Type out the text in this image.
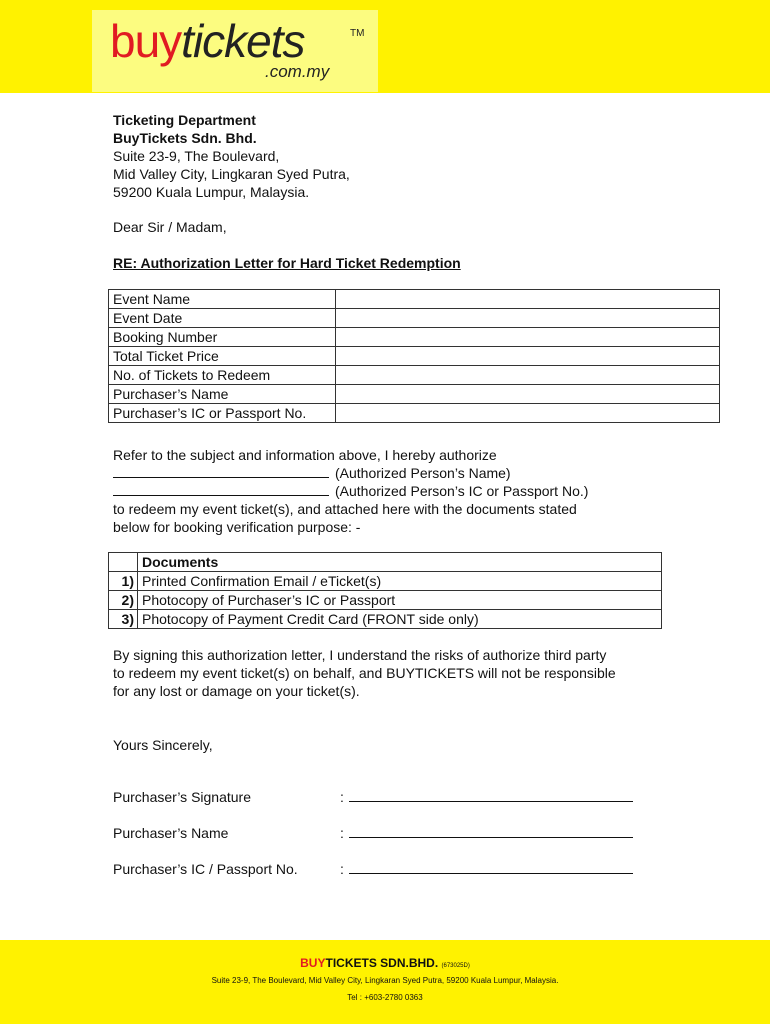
buytickets	TM
.com.my
Ticketing Department
BuyTickets Sdn. Bhd.
Suite 23-9, The Boulevard,
Mid Valley City, Lingkaran Syed Putra,
59200 Kuala Lumpur, Malaysia.
Dear Sir / Madam,
RE: Authorization Letter for Hard Ticket Redemption
Event Name	
Event Date	
Booking Number	
Total Ticket Price	
No. of Tickets to Redeem	
Purchaser’s Name	
Purchaser’s IC or Passport No.	
Refer to the subject and information above, I hereby authorize
(Authorized Person’s Name)
(Authorized Person’s IC or Passport No.)
to redeem my event ticket(s), and attached here with the documents stated
below for booking verification purpose: -
	Documents
1)	Printed Confirmation Email / eTicket(s)
2)	Photocopy of Purchaser’s IC or Passport
3)	Photocopy of Payment Credit Card (FRONT side only)
By signing this authorization letter, I understand the risks of authorize third party
to redeem my event ticket(s) on behalf, and BUYTICKETS will not be responsible
for any lost or damage on your ticket(s).
Yours Sincerely,
Purchaser’s Signature	:
Purchaser’s Name	:
Purchaser’s IC / Passport No.	:
BUYTICKETS SDN.BHD. (673025D)
Suite 23-9, The Boulevard, Mid Valley City, Lingkaran Syed Putra, 59200 Kuala Lumpur, Malaysia.
Tel : +603-2780 0363
